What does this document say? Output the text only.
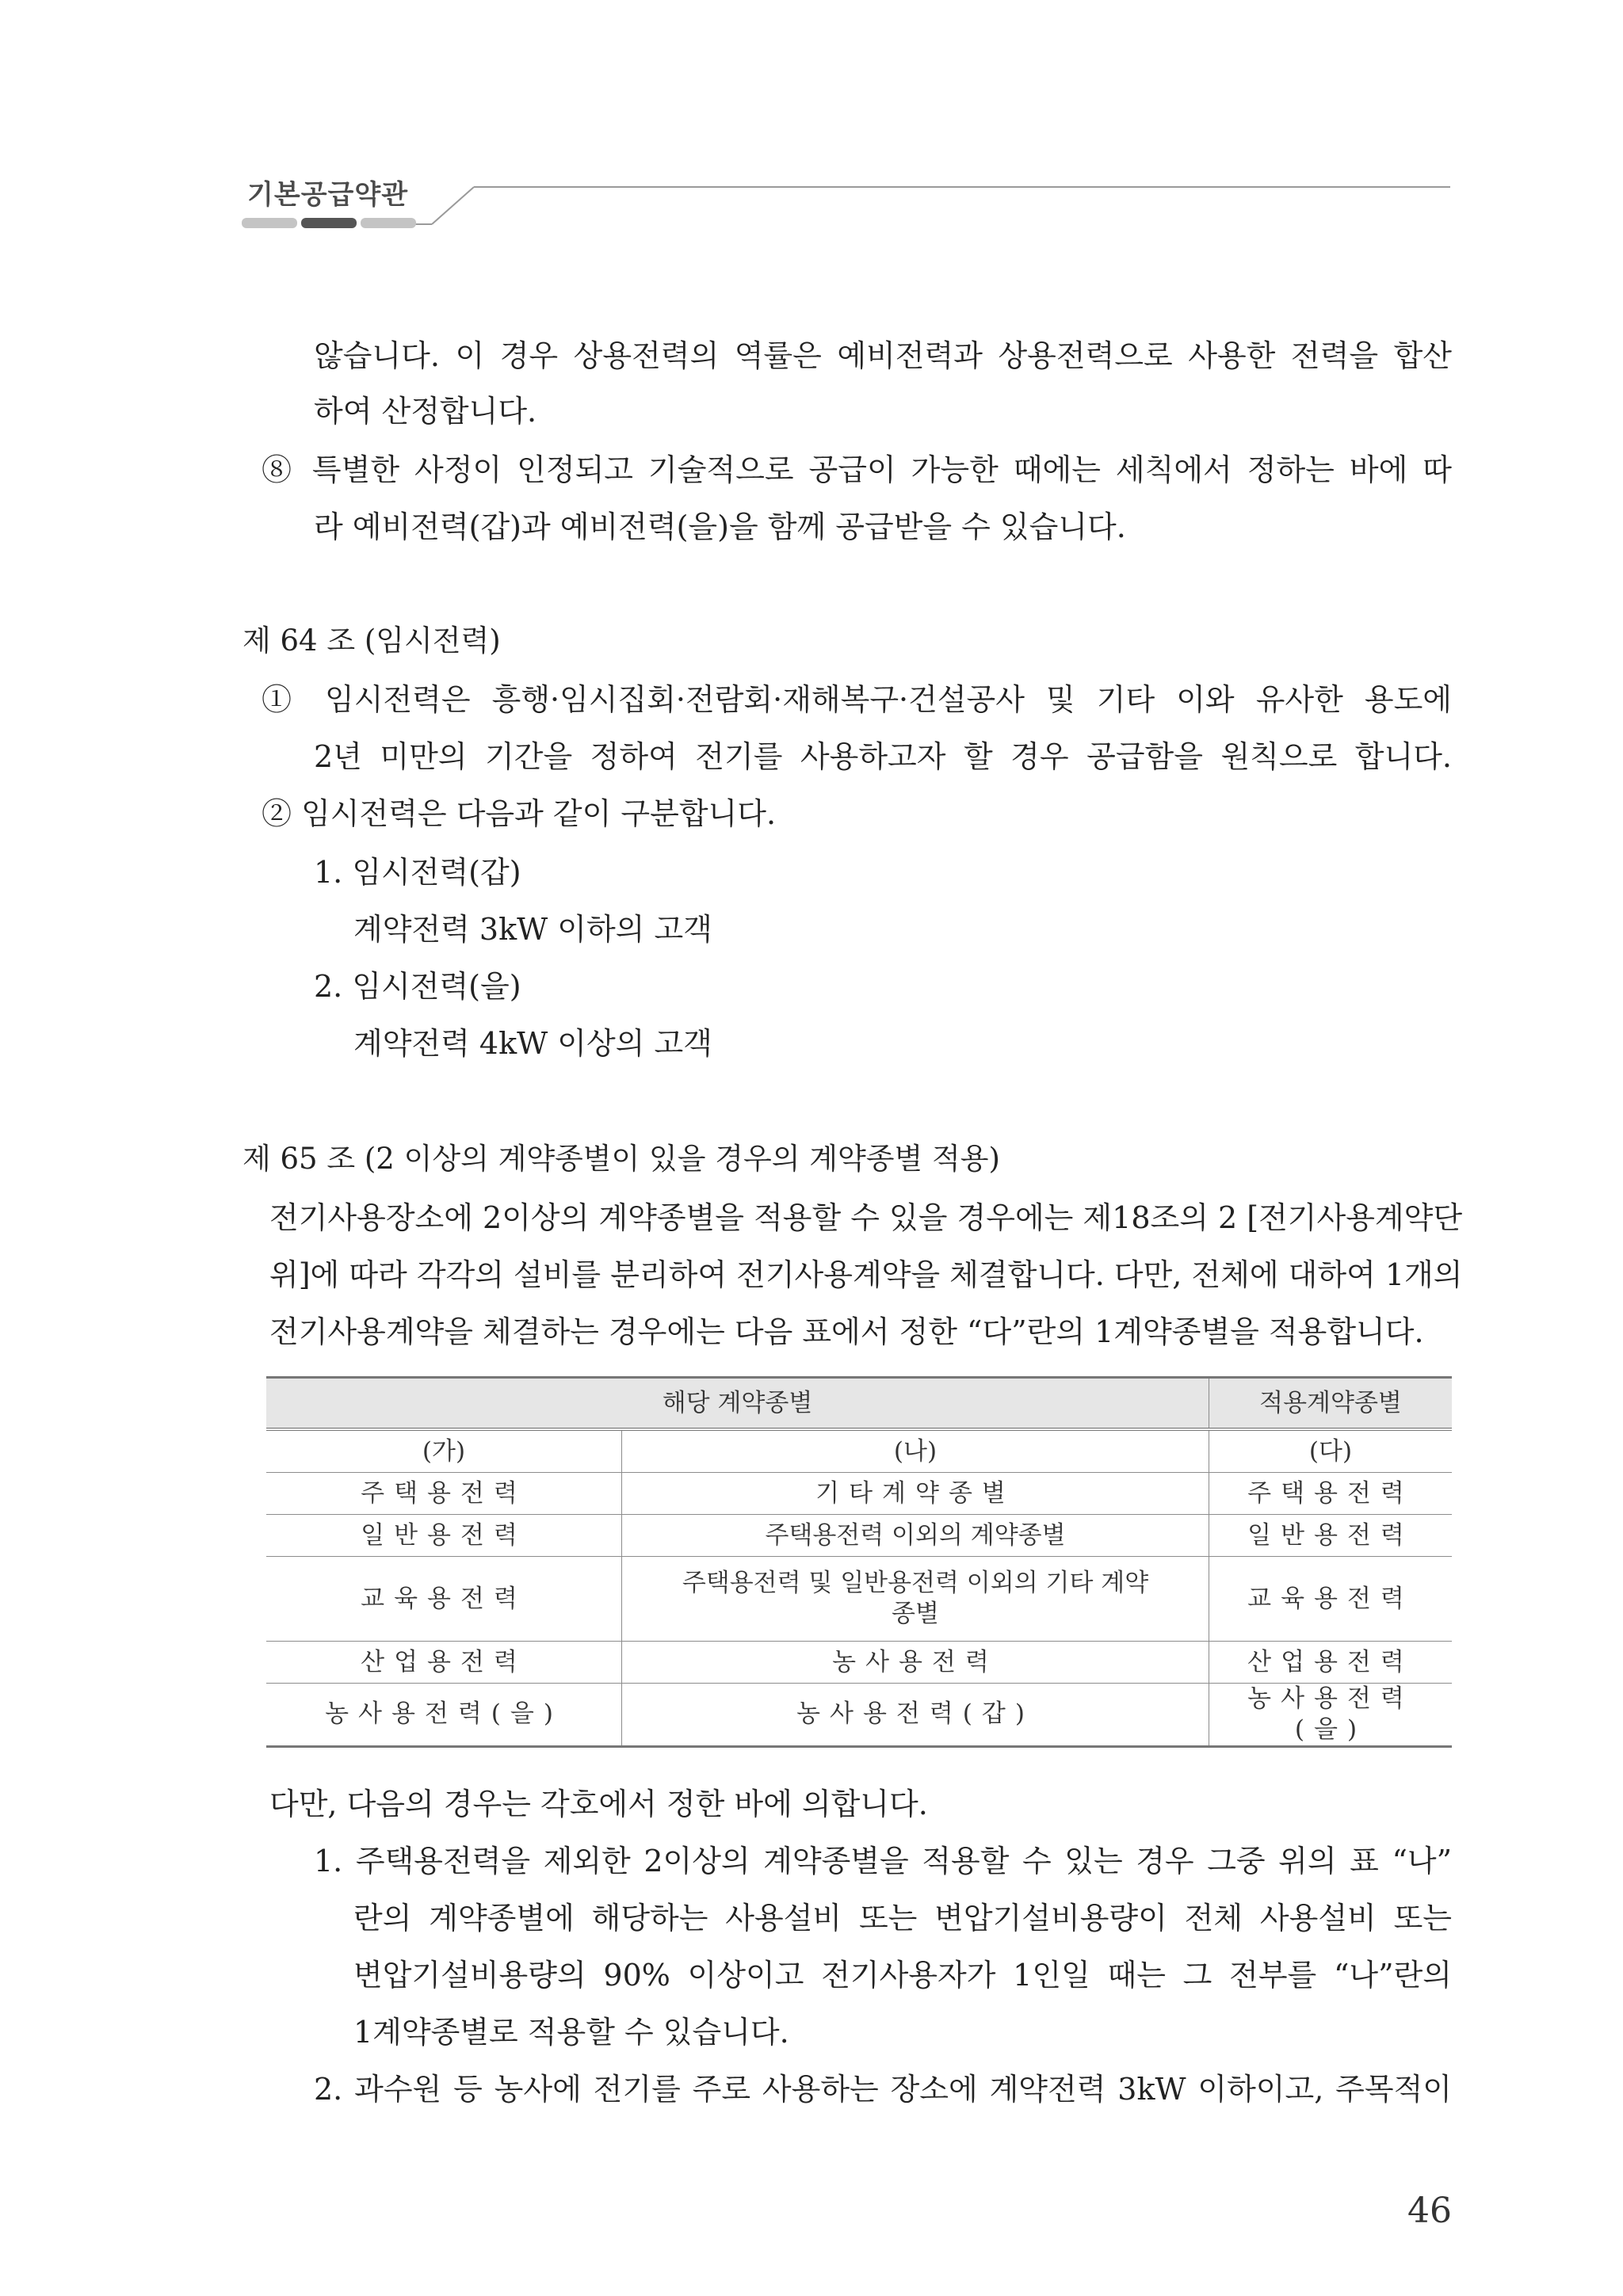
기본공급약관
않습니다. 이 경우 상용전력의 역률은 예비전력과 상용전력으로 사용한 전력을 합산
하여 산정합니다.
⑧ 특별한 사정이 인정되고 기술적으로 공급이 가능한 때에는 세칙에서 정하는 바에 따
라 예비전력(갑)과 예비전력(을)을 함께 공급받을 수 있습니다.
제 64 조 (임시전력)
① 임시전력은 흥행·임시집회·전람회·재해복구·건설공사 및 기타 이와 유사한 용도에
2년 미만의 기간을 정하여 전기를 사용하고자 할 경우 공급함을 원칙으로 합니다.
② 임시전력은 다음과 같이 구분합니다.
1. 임시전력(갑)
계약전력 3kW 이하의 고객
2. 임시전력(을)
계약전력 4kW 이상의 고객
제 65 조 (2 이상의 계약종별이 있을 경우의 계약종별 적용)
전기사용장소에 2이상의 계약종별을 적용할 수 있을 경우에는 제18조의 2 [전기사용계약단
위]에 따라 각각의 설비를 분리하여 전기사용계약을 체결합니다. 다만, 전체에 대하여 1개의
전기사용계약을 체결하는 경우에는 다음 표에서 정한 “다”란의 1계약종별을 적용합니다.
해당 계약종별		적용계약종별
(가)	(나)	(다)
주택용전력	기타계약종별	주택용전력
일반용전력	주택용전력 이외의 계약종별	일반용전력
교육용전력	주택용전력 및 일반용전력 이외의 기타 계약종별	교육용전력
산업용전력	농사용전력	산업용전력
농사용전력(을)	농사용전력(갑)	농사용전력(을)
다만, 다음의 경우는 각호에서 정한 바에 의합니다.
1. 주택용전력을 제외한 2이상의 계약종별을 적용할 수 있는 경우 그중 위의 표 “나”
란의 계약종별에 해당하는 사용설비 또는 변압기설비용량이 전체 사용설비 또는
변압기설비용량의 90% 이상이고 전기사용자가 1인일 때는 그 전부를 “나”란의
1계약종별로 적용할 수 있습니다.
2. 과수원 등 농사에 전기를 주로 사용하는 장소에 계약전력 3kW 이하이고, 주목적이
46
